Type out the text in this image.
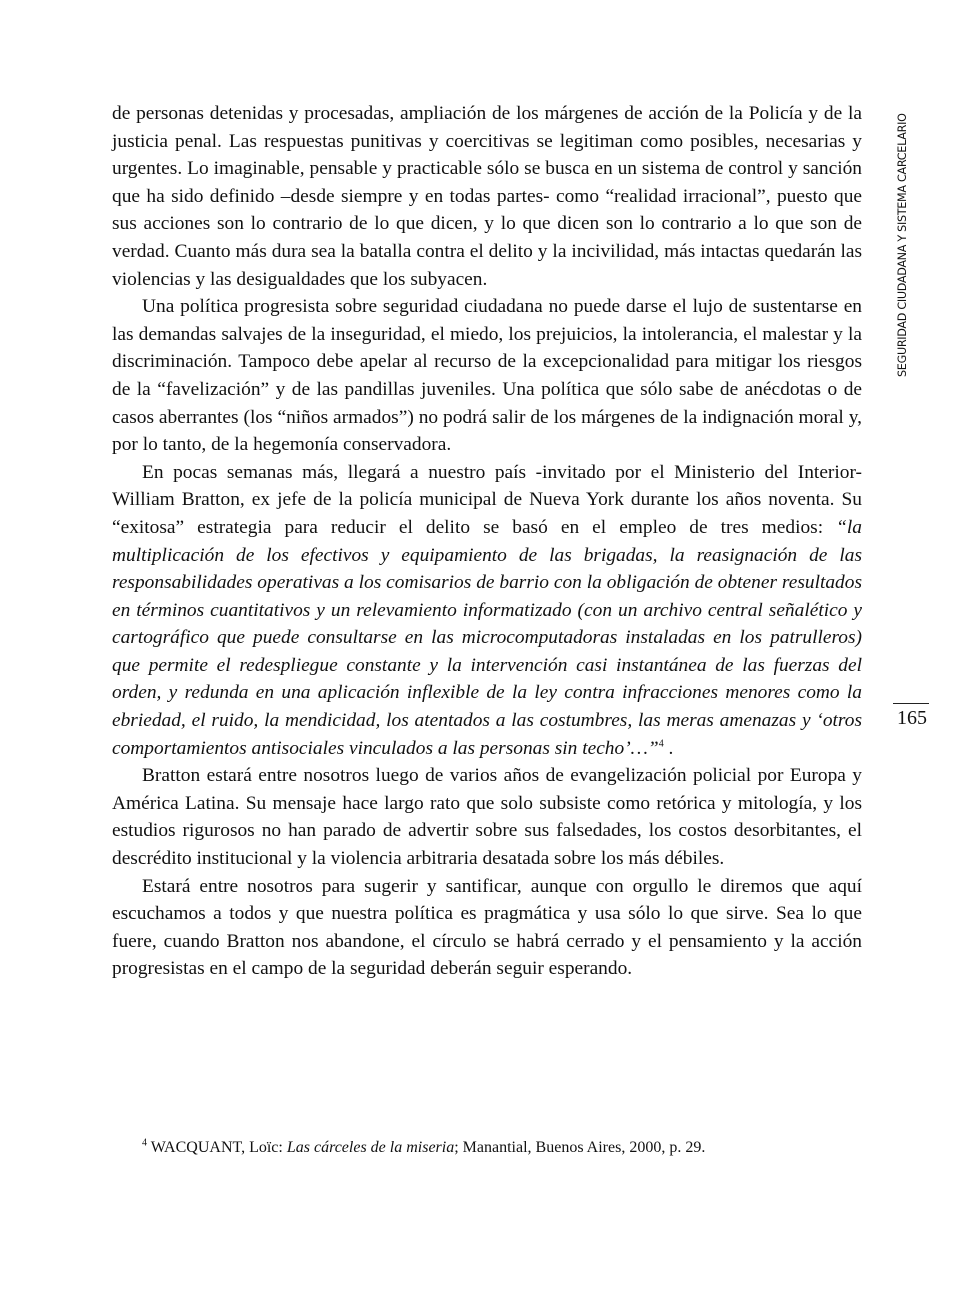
de personas detenidas y procesadas, ampliación de los márgenes de acción de la Policía y de la justicia penal. Las respuestas punitivas y coercitivas se legitiman como posibles, necesarias y urgentes. Lo imaginable, pensable y practicable sólo se busca en un sistema de control y sanción que ha sido definido –desde siempre y en todas partes- como “realidad irracional”, puesto que sus acciones son lo contrario de lo que dicen, y lo que dicen son lo contrario a lo que son de verdad. Cuanto más dura sea la batalla contra el delito y la incivilidad, más intactas quedarán las violencias y las desigualdades que los subyacen.

Una política progresista sobre seguridad ciudadana no puede darse el lujo de sustentarse en las demandas salvajes de la inseguridad, el miedo, los prejuicios, la intolerancia, el malestar y la discriminación. Tampoco debe apelar al recurso de la excepcionalidad para mitigar los riesgos de la “favelización” y de las pandillas juveniles. Una política que sólo sabe de anécdotas o de casos aberrantes (los “niños armados”) no podrá salir de los márgenes de la indignación moral y, por lo tanto, de la hegemonía conservadora.

En pocas semanas más, llegará a nuestro país -invitado por el Ministerio del Interior- William Bratton, ex jefe de la policía municipal de Nueva York durante los años noventa. Su “exitosa” estrategia para reducir el delito se basó en el empleo de tres medios: “la multiplicación de los efectivos y equipamiento de las brigadas, la reasignación de las responsabilidades operativas a los comisarios de barrio con la obligación de obtener resultados en términos cuantitativos y un relevamiento informatizado (con un archivo central señalético y cartográfico que puede consultarse en las microcomputadoras instaladas en los patrulleros) que permite el redespliegue constante y la intervención casi instantánea de las fuerzas del orden, y redunda en una aplicación inflexible de la ley contra infracciones menores como la ebriedad, el ruido, la mendicidad, los atentados a las costumbres, las meras amenazas y ‘otros comportamientos antisociales vinculados a las personas sin techo’…”$^4$ .

Bratton estará entre nosotros luego de varios años de evangelización policial por Europa y América Latina. Su mensaje hace largo rato que solo subsiste como retórica y mitología, y los estudios rigurosos no han parado de advertir sobre sus falsedades, los costos desorbitantes, el descrédito institucional y la violencia arbitraria desatada sobre los más débiles.

Estará entre nosotros para sugerir y santificar, aunque con orgullo le diremos que aquí escuchamos a todos y que nuestra política es pragmática y usa sólo lo que sirve. Sea lo que fuere, cuando Bratton nos abandone, el círculo se habrá cerrado y el pensamiento y la acción progresistas en el campo de la seguridad deberán seguir esperando.

SEGURIDAD CIUDADANA Y SISTEMA CARCELARIO
165
$^4$ WACQUANT, Loïc: Las cárceles de la miseria; Manantial, Buenos Aires, 2000, p. 29.
